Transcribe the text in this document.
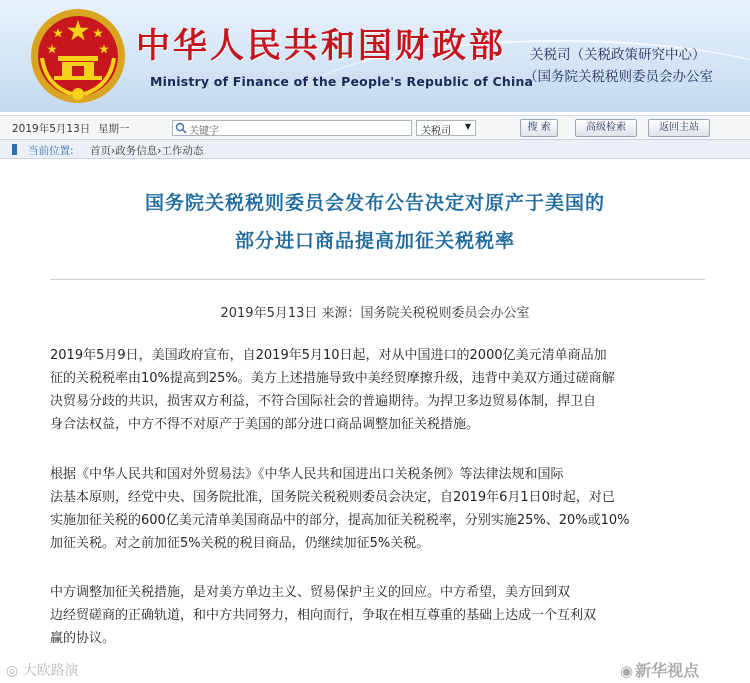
中华人民共和国财政部
Ministry of Finance of the People's Republic of China
关税司（关税政策研究中心）
（国务院关税税则委员会办公室
2019年5月13日 星期一	关键字	关税司 ▼	搜 索	高级检索	返回主站
当前位置: 首页›政务信息›工作动态
国务院关税税则委员会发布公告决定对原产于美国的
部分进口商品提高加征关税税率
2019年5月13日 来源：国务院关税税则委员会办公室
2019年5月9日，美国政府宣布，自2019年5月10日起，对从中国进口的2000亿美元清单商品加
征的关税税率由10%提高到25%。美方上述措施导致中美经贸摩擦升级，违背中美双方通过磋商解
决贸易分歧的共识，损害双方利益，不符合国际社会的普遍期待。为捍卫多边贸易体制，捍卫自
身合法权益，中方不得不对原产于美国的部分进口商品调整加征关税措施。
根据《中华人民共和国对外贸易法》《中华人民共和国进出口关税条例》等法律法规和国际
法基本原则，经党中央、国务院批准，国务院关税税则委员会决定，自2019年6月1日0时起，对已
实施加征关税的600亿美元清单美国商品中的部分，提高加征关税税率，分别实施25%、20%或10%
加征关税。对之前加征5%关税的税目商品，仍继续加征5%关税。
中方调整加征关税措施，是对美方单边主义、贸易保护主义的回应。中方希望，美方回到双
边经贸磋商的正确轨道，和中方共同努力，相向而行，争取在相互尊重的基础上达成一个互利双
赢的协议。
◎ 大欧路演	◉ 新华视点
